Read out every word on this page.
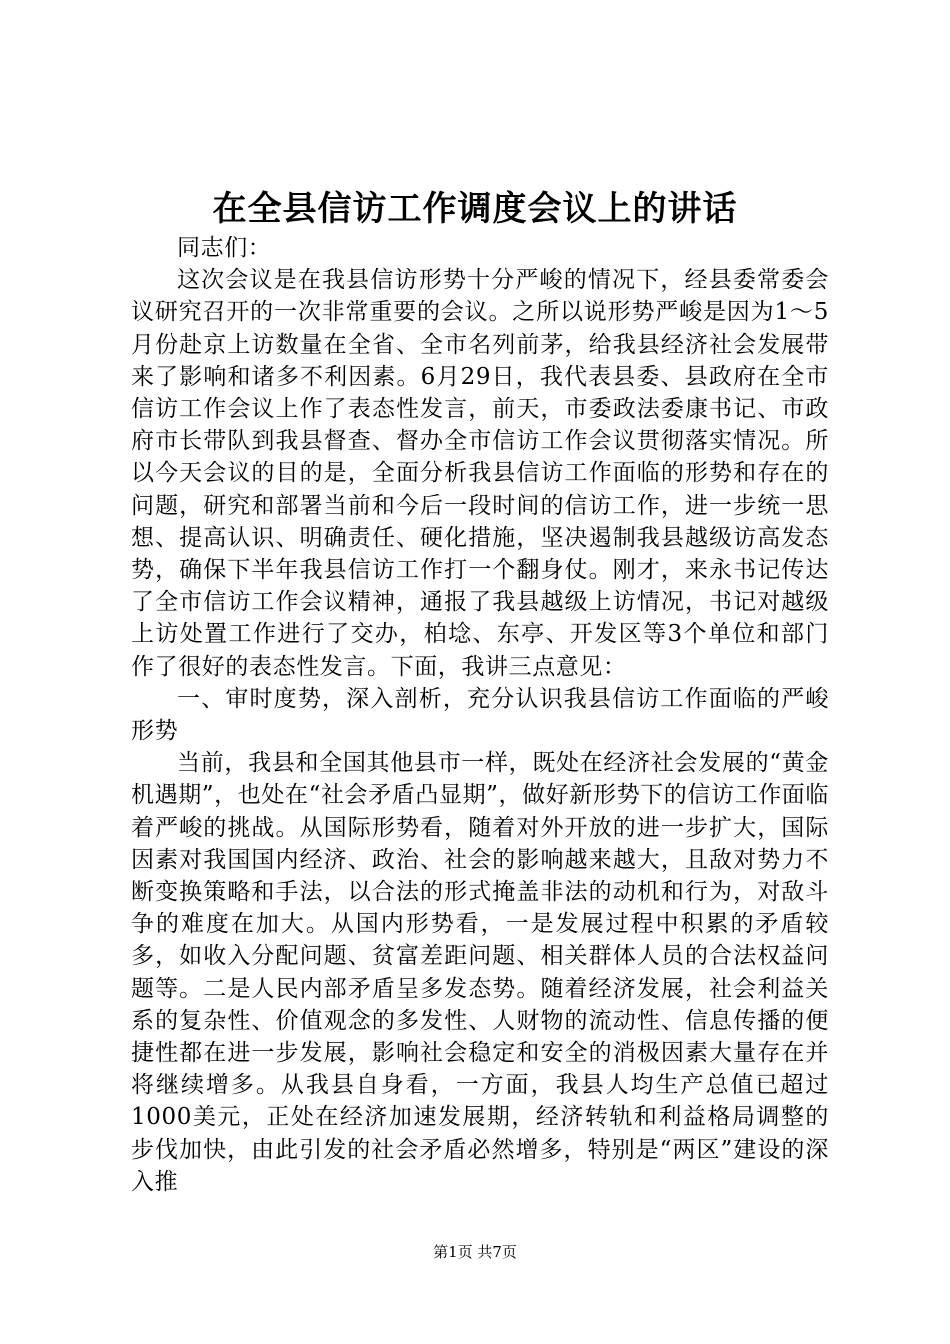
在全县信访工作调度会议上的讲话

同志们：

这次会议是在我县信访形势十分严峻的情况下，经县委常委会议研究召开的一次非常重要的会议。之所以说形势严峻是因为1～5月份赴京上访数量在全省、全市名列前茅，给我县经济社会发展带来了影响和诸多不利因素。6月29日，我代表县委、县政府在全市信访工作会议上作了表态性发言，前天，市委政法委康书记、市政府市长带队到我县督查、督办全市信访工作会议贯彻落实情况。所以今天会议的目的是，全面分析我县信访工作面临的形势和存在的问题，研究和部署当前和今后一段时间的信访工作，进一步统一思想、提高认识、明确责任、硬化措施，坚决遏制我县越级访高发态势，确保下半年我县信访工作打一个翻身仗。刚才，来永书记传达了全市信访工作会议精神，通报了我县越级上访情况，书记对越级上访处置工作进行了交办，柏埝、东亭、开发区等3个单位和部门作了很好的表态性发言。下面，我讲三点意见：

一、审时度势，深入剖析，充分认识我县信访工作面临的严峻形势

当前，我县和全国其他县市一样，既处在经济社会发展的“黄金机遇期”，也处在“社会矛盾凸显期”，做好新形势下的信访工作面临着严峻的挑战。从国际形势看，随着对外开放的进一步扩大，国际因素对我国国内经济、政治、社会的影响越来越大，且敌对势力不断变换策略和手法，以合法的形式掩盖非法的动机和行为，对敌斗争的难度在加大。从国内形势看，一是发展过程中积累的矛盾较多，如收入分配问题、贫富差距问题、相关群体人员的合法权益问题等。二是人民内部矛盾呈多发态势。随着经济发展，社会利益关系的复杂性、价值观念的多发性、人财物的流动性、信息传播的便捷性都在进一步发展，影响社会稳定和安全的消极因素大量存在并将继续增多。从我县自身看，一方面，我县人均生产总值已超过1000美元，正处在经济加速发展期，经济转轨和利益格局调整的步伐加快，由此引发的社会矛盾必然增多，特别是“两区”建设的深入推

第1页 共7页
